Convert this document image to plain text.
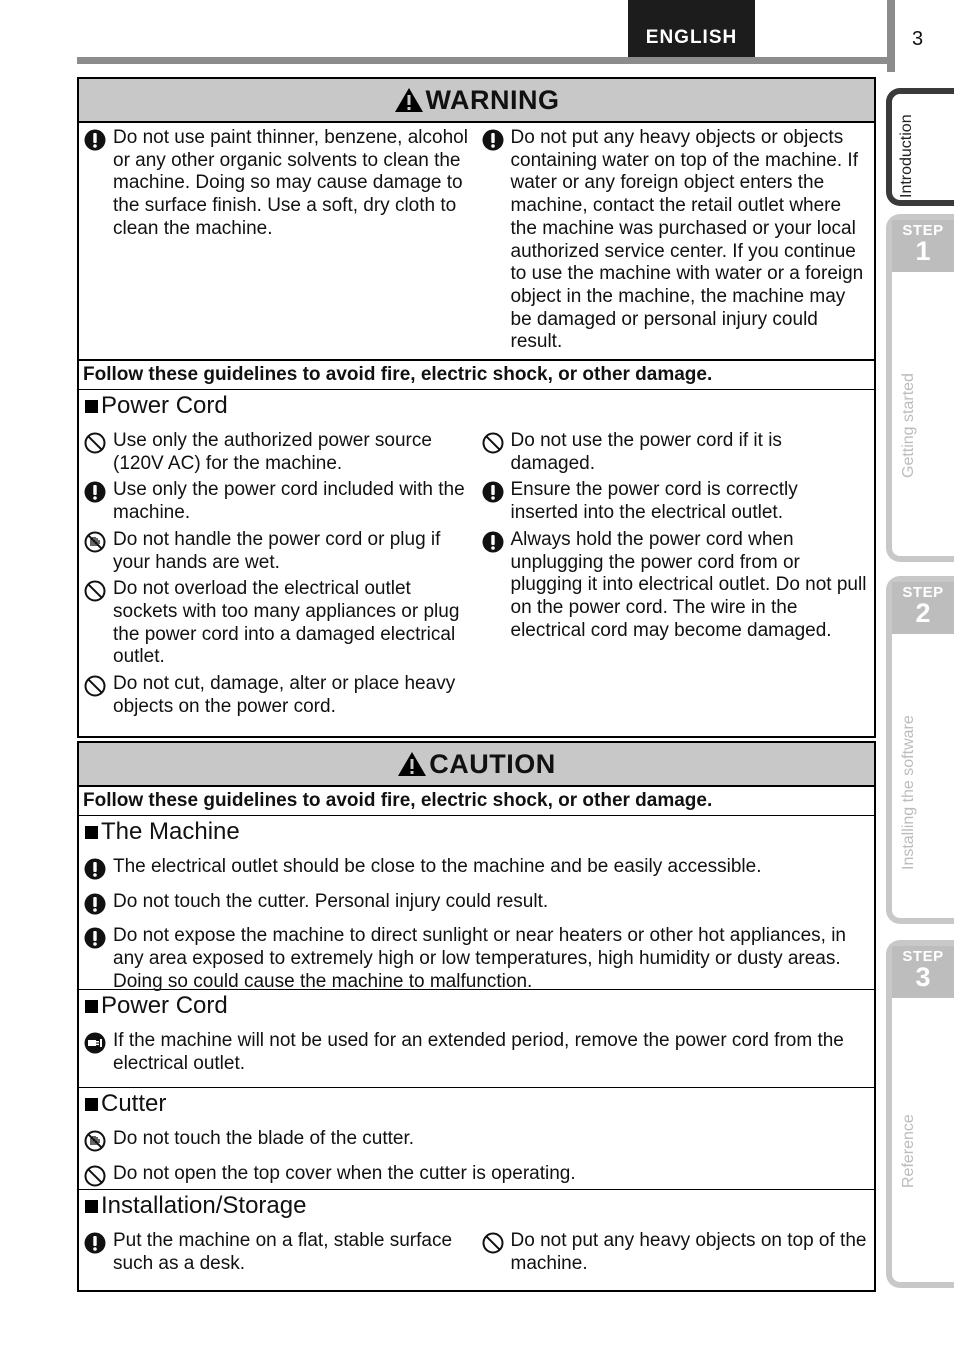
ENGLISH	3
Introduction
STEP
1
Getting started
STEP
2
Installing the software
STEP
3
Reference
WARNING
Do not use paint thinner, benzene, alcohol or any other organic solvents to clean the machine. Doing so may cause damage to the surface finish. Use a soft, dry cloth to clean the machine.
Do not put any heavy objects or objects containing water on top of the machine. If water or any foreign object enters the machine, contact the retail outlet where the machine was purchased or your local authorized service center. If you continue to use the machine with water or a foreign object in the machine, the machine may be damaged or personal injury could result.
Follow these guidelines to avoid fire, electric shock, or other damage.
Power Cord
Use only the authorized power source (120V AC) for the machine.
Use only the power cord included with the machine.
Do not handle the power cord or plug if your hands are wet.
Do not overload the electrical outlet sockets with too many appliances or plug the power cord into a damaged electrical outlet.
Do not cut, damage, alter or place heavy objects on the power cord.
Do not use the power cord if it is damaged.
Ensure the power cord is correctly inserted into the electrical outlet.
Always hold the power cord when unplugging the power cord from or plugging it into electrical outlet. Do not pull on the power cord. The wire in the electrical cord may become damaged.
CAUTION
Follow these guidelines to avoid fire, electric shock, or other damage.
The Machine
The electrical outlet should be close to the machine and be easily accessible.
Do not touch the cutter. Personal injury could result.
Do not expose the machine to direct sunlight or near heaters or other hot appliances, in any area exposed to extremely high or low temperatures, high humidity or dusty areas. Doing so could cause the machine to malfunction.
Power Cord
If the machine will not be used for an extended period, remove the power cord from the electrical outlet.
Cutter
Do not touch the blade of the cutter.
Do not open the top cover when the cutter is operating.
Installation/Storage
Put the machine on a flat, stable surface such as a desk.
Do not put any heavy objects on top of the machine.
